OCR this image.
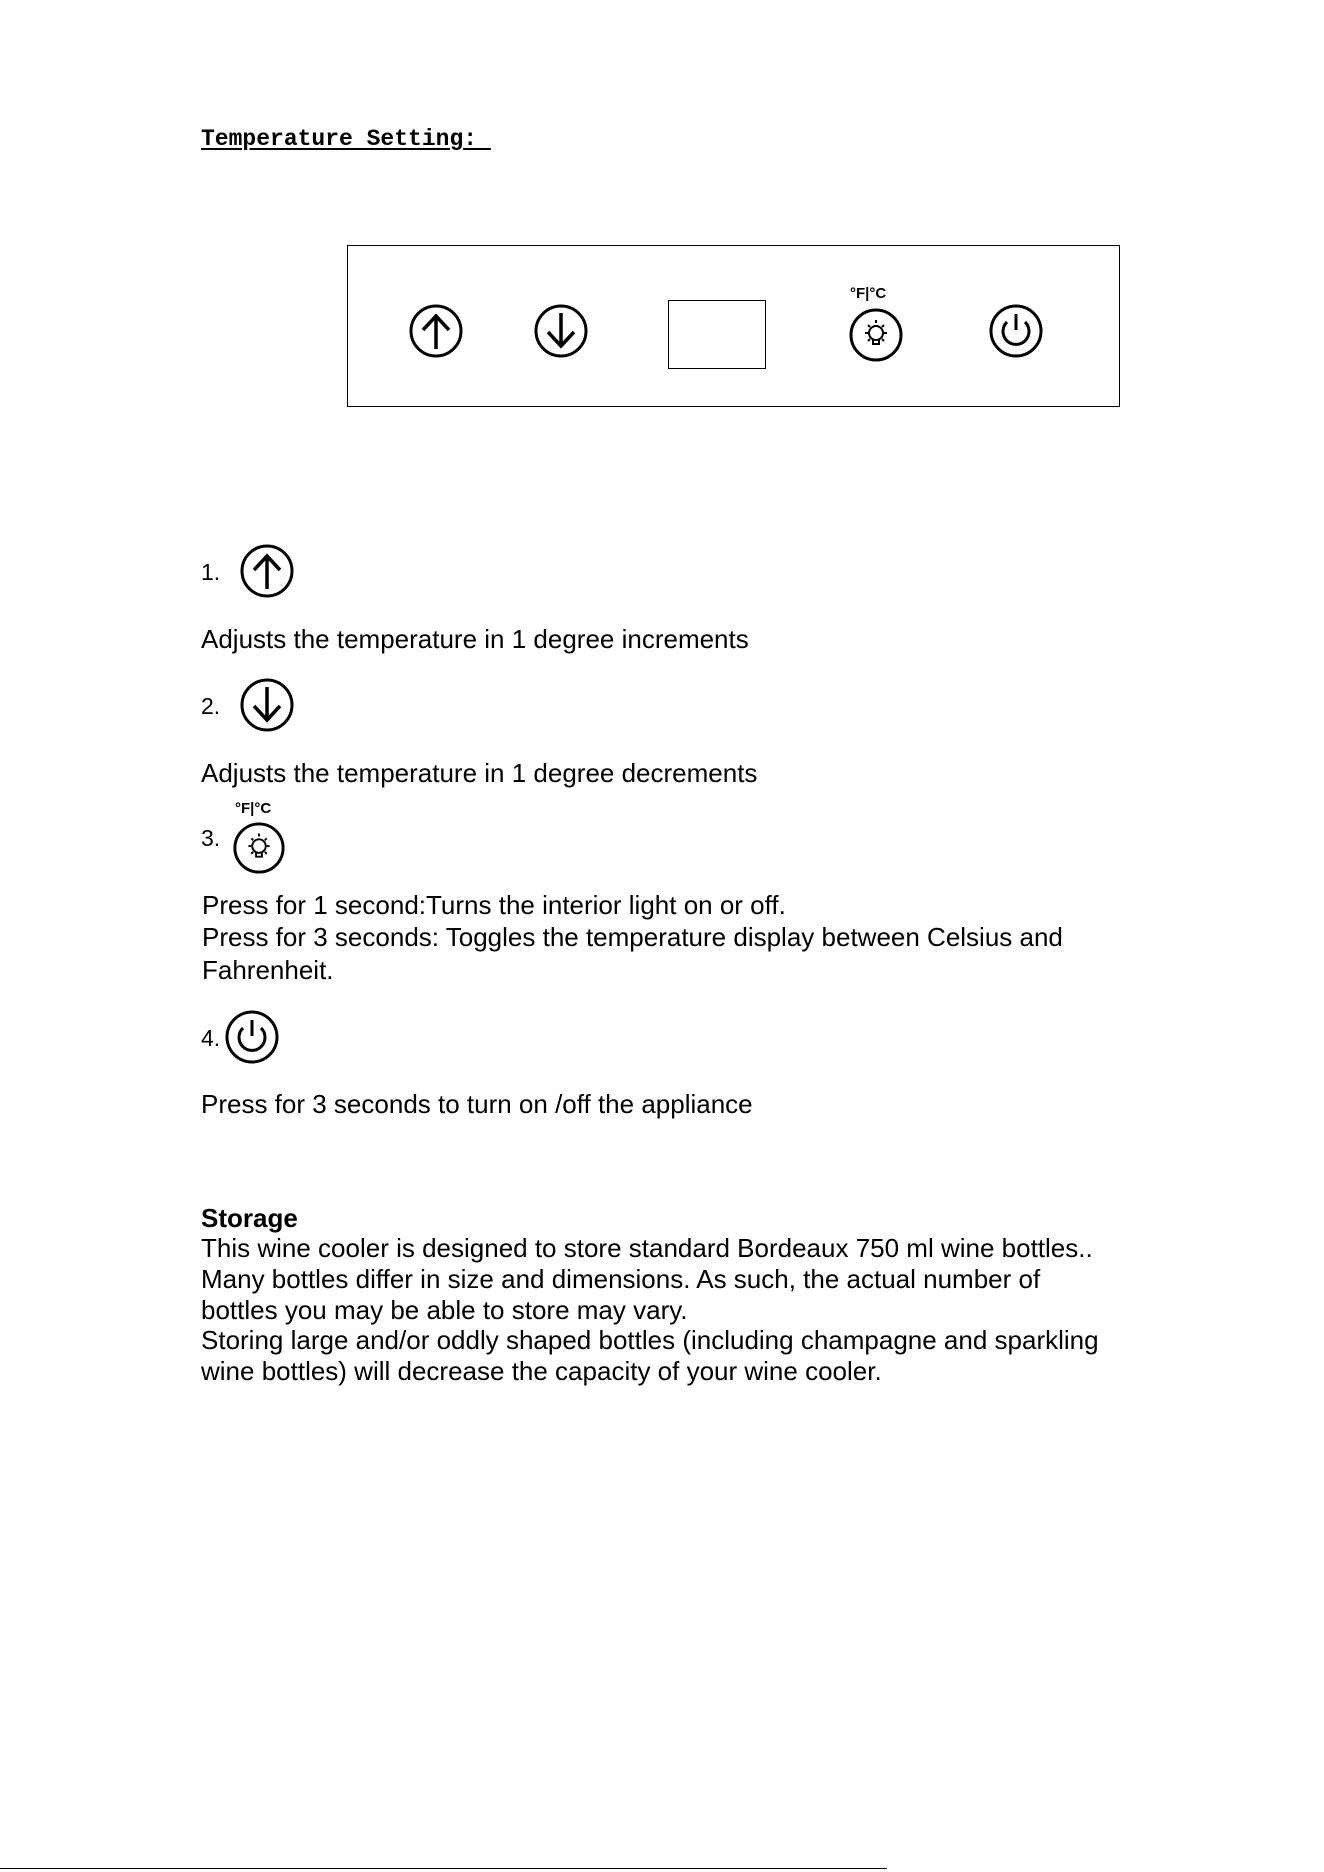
Temperature Setting:
°F|°C
1.
Adjusts the temperature in 1 degree increments
2.
Adjusts the temperature in 1 degree decrements
°F|°C
3.
Press for 1 second:Turns the interior light on or off.
Press for 3 seconds: Toggles the temperature display between Celsius and
Fahrenheit.
4.
Press for 3 seconds to turn on /off the appliance
Storage
This wine cooler is designed to store standard Bordeaux 750 ml wine bottles..
Many bottles differ in size and dimensions. As such, the actual number of
bottles you may be able to store may vary.
Storing large and/or oddly shaped bottles (including champagne and sparkling
wine bottles) will decrease the capacity of your wine cooler.
